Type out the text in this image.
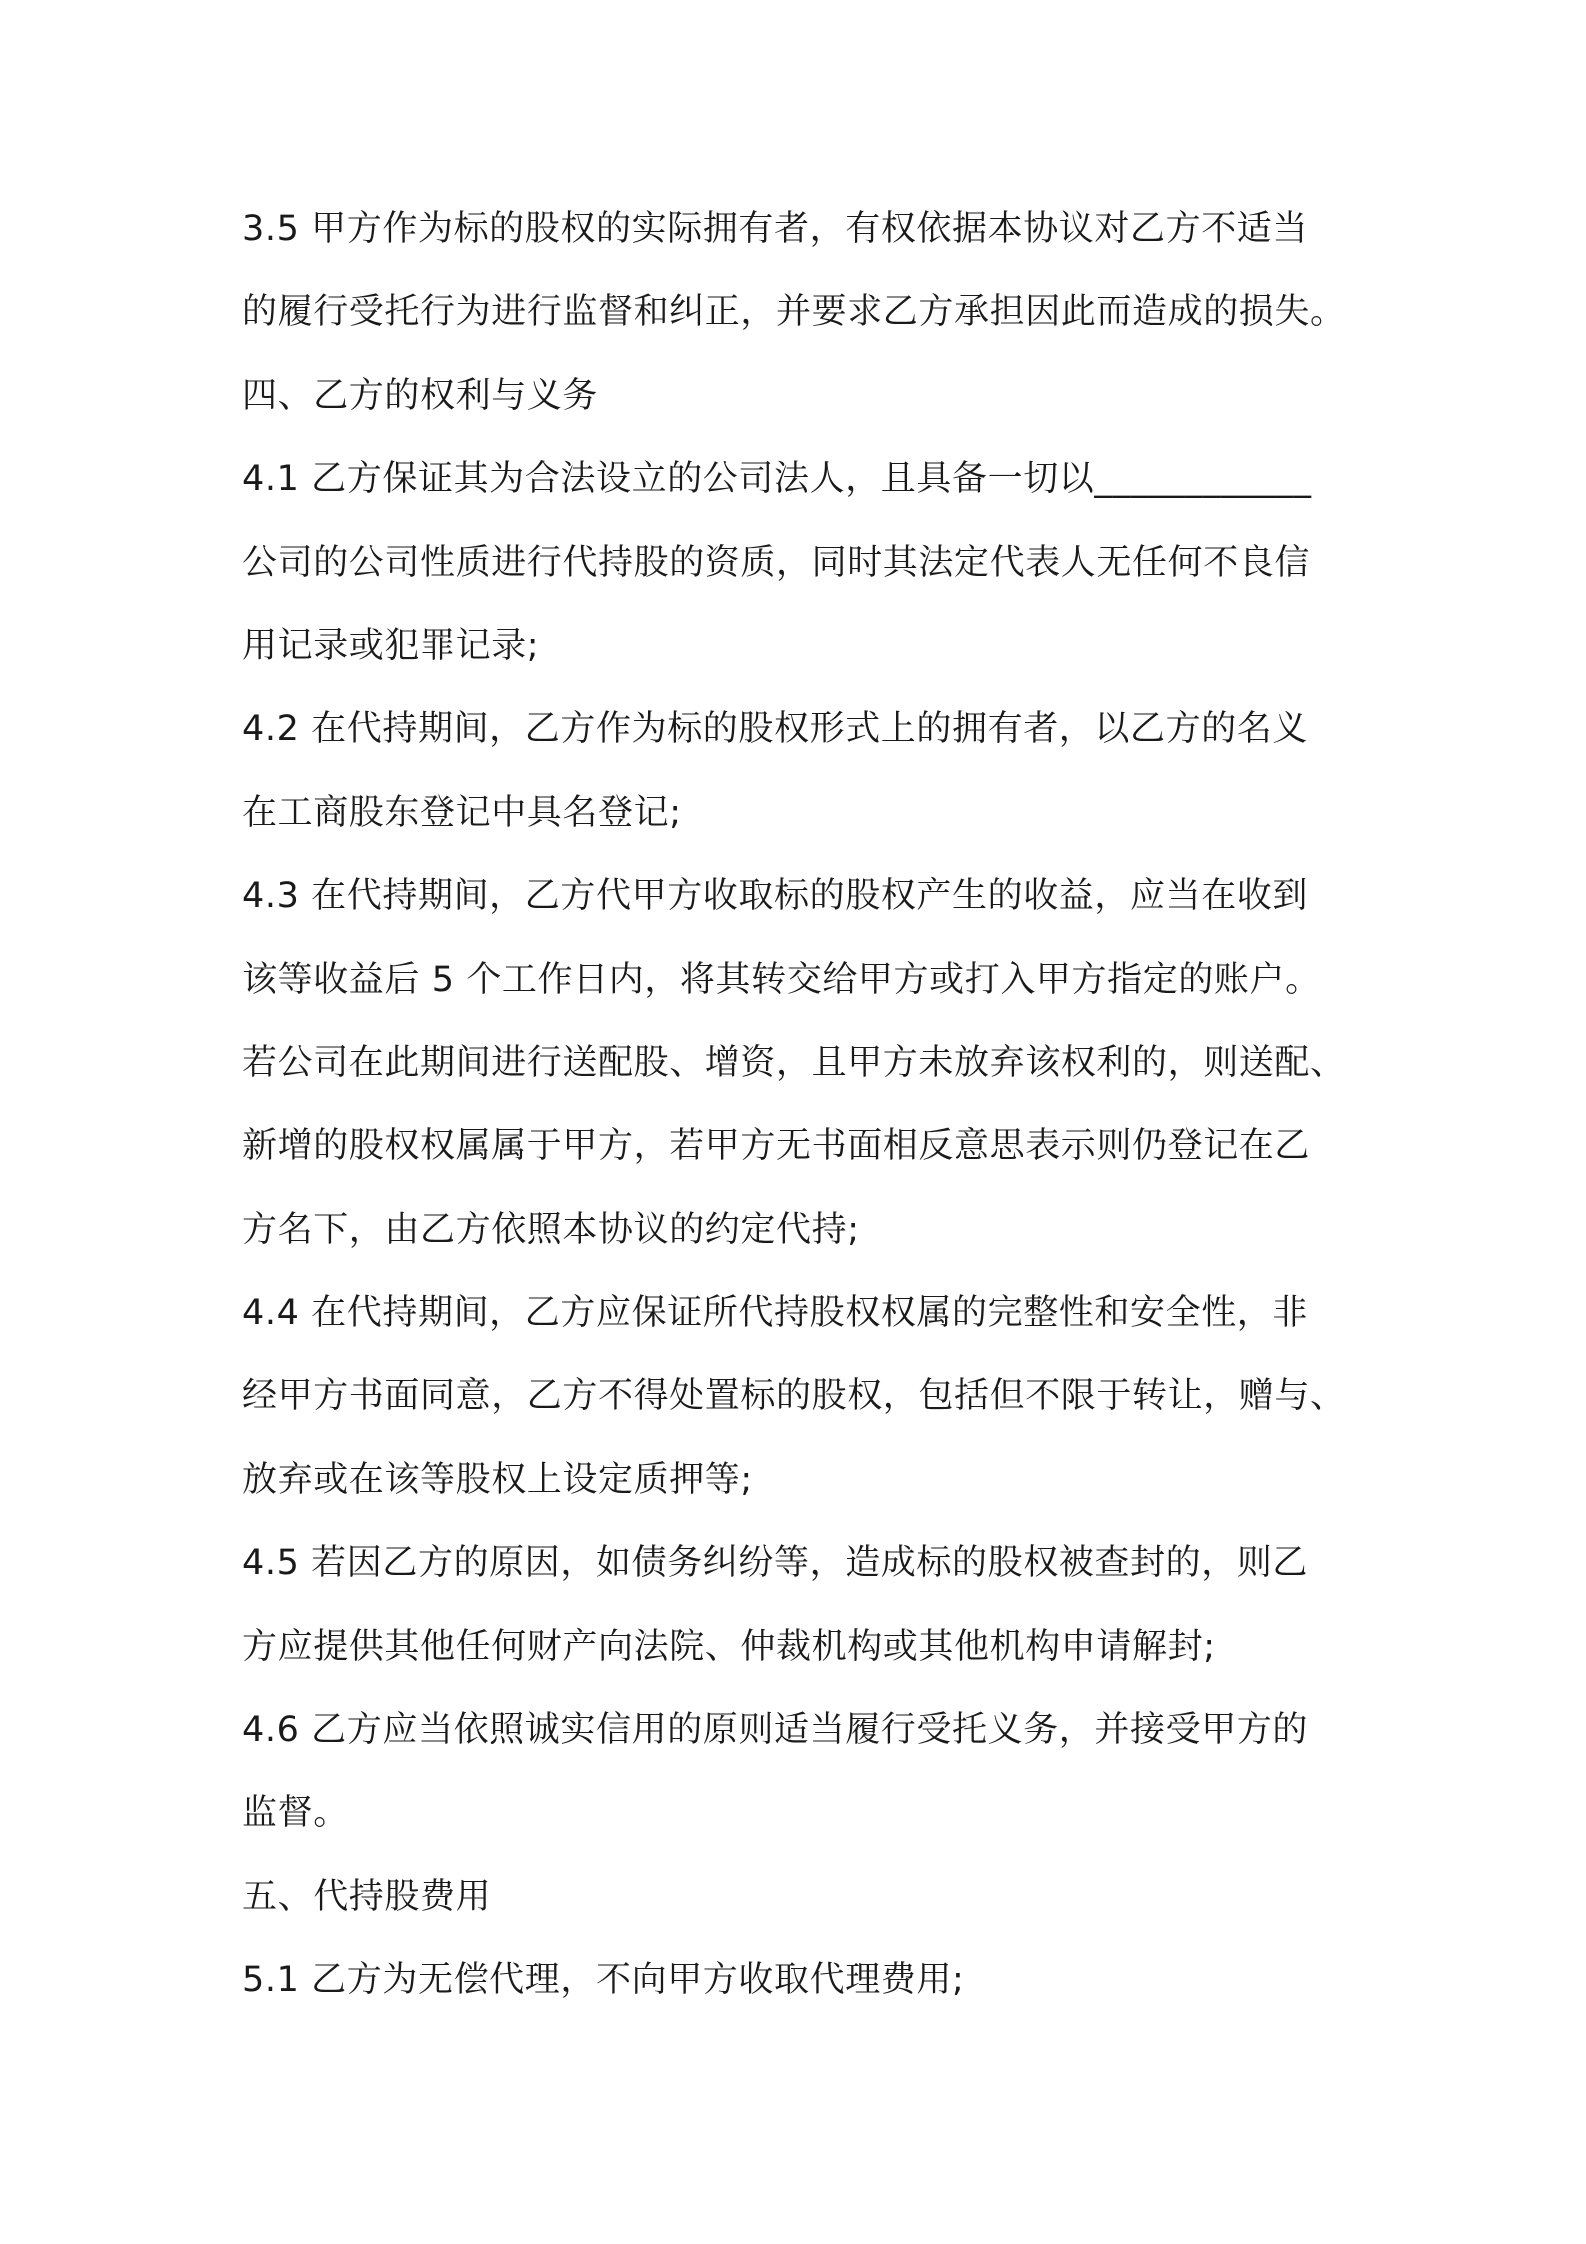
3.5 甲方作为标的股权的实际拥有者，有权依据本协议对乙方不适当
的履行受托行为进行监督和纠正，并要求乙方承担因此而造成的损失。
四、乙方的权利与义务
4.1 乙方保证其为合法设立的公司法人，且具备一切以____________
公司的公司性质进行代持股的资质，同时其法定代表人无任何不良信
用记录或犯罪记录;
4.2 在代持期间，乙方作为标的股权形式上的拥有者，以乙方的名义
在工商股东登记中具名登记;
4.3 在代持期间，乙方代甲方收取标的股权产生的收益，应当在收到
该等收益后 5 个工作日内，将其转交给甲方或打入甲方指定的账户。
若公司在此期间进行送配股、增资，且甲方未放弃该权利的，则送配、
新增的股权权属属于甲方，若甲方无书面相反意思表示则仍登记在乙
方名下，由乙方依照本协议的约定代持;
4.4 在代持期间，乙方应保证所代持股权权属的完整性和安全性，非
经甲方书面同意，乙方不得处置标的股权，包括但不限于转让，赠与、
放弃或在该等股权上设定质押等;
4.5 若因乙方的原因，如债务纠纷等，造成标的股权被查封的，则乙
方应提供其他任何财产向法院、仲裁机构或其他机构申请解封;
4.6 乙方应当依照诚实信用的原则适当履行受托义务，并接受甲方的
监督。
五、代持股费用
5.1 乙方为无偿代理，不向甲方收取代理费用;
